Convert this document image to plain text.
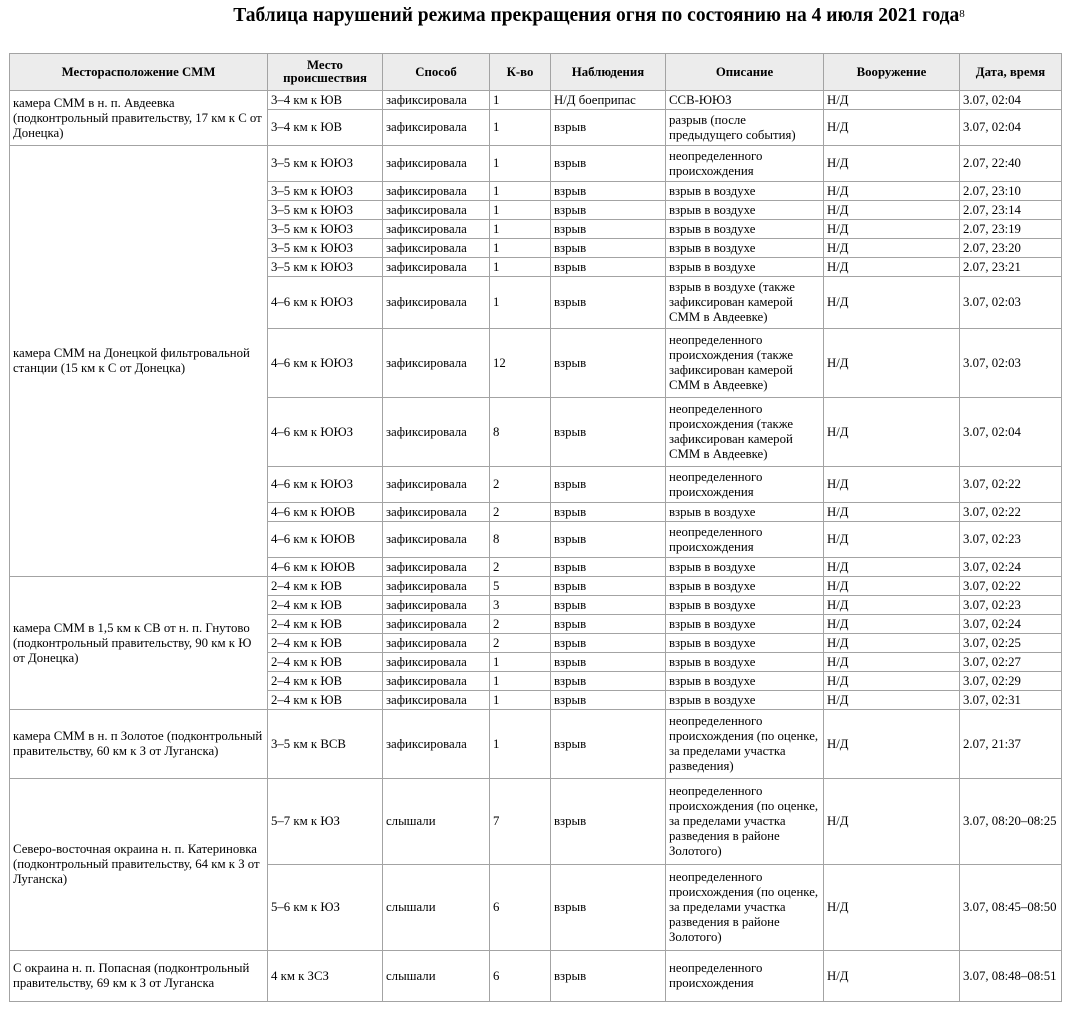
Таблица нарушений режима прекращения огня по состоянию на 4 июля 2021 года$^8$
Месторасположение СММ	Место происшествия	Способ	К-во	Наблюдения	Описание	Вооружение	Дата, время
камера СММ в н. п. Авдеевка (подконтрольный правительству, 17 км к С от Донецка)	3–4 км к ЮВ	зафиксировала	1	Н/Д боеприпас	ССВ-ЮЮЗ	Н/Д	3.07, 02:04
	3–4 км к ЮВ	зафиксировала	1	взрыв	разрыв (после предыдущего события)	Н/Д	3.07, 02:04
камера СММ на Донецкой фильтровальной станции (15 км к С от Донецка)	3–5 км к ЮЮЗ	зафиксировала	1	взрыв	неопределенного происхождения	Н/Д	2.07, 22:40
	3–5 км к ЮЮЗ	зафиксировала	1	взрыв	взрыв в воздухе	Н/Д	2.07, 23:10
	3–5 км к ЮЮЗ	зафиксировала	1	взрыв	взрыв в воздухе	Н/Д	2.07, 23:14
	3–5 км к ЮЮЗ	зафиксировала	1	взрыв	взрыв в воздухе	Н/Д	2.07, 23:19
	3–5 км к ЮЮЗ	зафиксировала	1	взрыв	взрыв в воздухе	Н/Д	2.07, 23:20
	3–5 км к ЮЮЗ	зафиксировала	1	взрыв	взрыв в воздухе	Н/Д	2.07, 23:21
	4–6 км к ЮЮЗ	зафиксировала	1	взрыв	взрыв в воздухе (также зафиксирован камерой СММ в Авдеевке)	Н/Д	3.07, 02:03
	4–6 км к ЮЮЗ	зафиксировала	12	взрыв	неопределенного происхождения (также зафиксирован камерой СММ в Авдеевке)	Н/Д	3.07, 02:03
	4–6 км к ЮЮЗ	зафиксировала	8	взрыв	неопределенного происхождения (также зафиксирован камерой СММ в Авдеевке)	Н/Д	3.07, 02:04
	4–6 км к ЮЮЗ	зафиксировала	2	взрыв	неопределенного происхождения	Н/Д	3.07, 02:22
	4–6 км к ЮЮВ	зафиксировала	2	взрыв	взрыв в воздухе	Н/Д	3.07, 02:22
	4–6 км к ЮЮВ	зафиксировала	8	взрыв	неопределенного происхождения	Н/Д	3.07, 02:23
	4–6 км к ЮЮВ	зафиксировала	2	взрыв	взрыв в воздухе	Н/Д	3.07, 02:24
камера СММ в 1,5 км к СВ от н. п. Гнутово (подконтрольный правительству, 90 км к Ю от Донецка)	2–4 км к ЮВ	зафиксировала	5	взрыв	взрыв в воздухе	Н/Д	3.07, 02:22
	2–4 км к ЮВ	зафиксировала	3	взрыв	взрыв в воздухе	Н/Д	3.07, 02:23
	2–4 км к ЮВ	зафиксировала	2	взрыв	взрыв в воздухе	Н/Д	3.07, 02:24
	2–4 км к ЮВ	зафиксировала	2	взрыв	взрыв в воздухе	Н/Д	3.07, 02:25
	2–4 км к ЮВ	зафиксировала	1	взрыв	взрыв в воздухе	Н/Д	3.07, 02:27
	2–4 км к ЮВ	зафиксировала	1	взрыв	взрыв в воздухе	Н/Д	3.07, 02:29
	2–4 км к ЮВ	зафиксировала	1	взрыв	взрыв в воздухе	Н/Д	3.07, 02:31
камера СММ в н. п Золотое (подконтрольный правительству, 60 км к З от Луганска)	3–5 км к ВСВ	зафиксировала	1	взрыв	неопределенного происхождения (по оценке, за пределами участка разведения)	Н/Д	2.07, 21:37
Северо-восточная окраина н. п. Катериновка (подконтрольный правительству, 64 км к З от Луганска)	5–7 км к ЮЗ	слышали	7	взрыв	неопределенного происхождения (по оценке, за пределами участка разведения в районе Золотого)	Н/Д	3.07, 08:20–08:25
	5–6 км к ЮЗ	слышали	6	взрыв	неопределенного происхождения (по оценке, за пределами участка разведения в районе Золотого)	Н/Д	3.07, 08:45–08:50
С окраина н. п. Попасная (подконтрольный правительству, 69 км к З от Луганска	4 км к ЗСЗ	слышали	6	взрыв	неопределенного происхождения	Н/Д	3.07, 08:48–08:51
